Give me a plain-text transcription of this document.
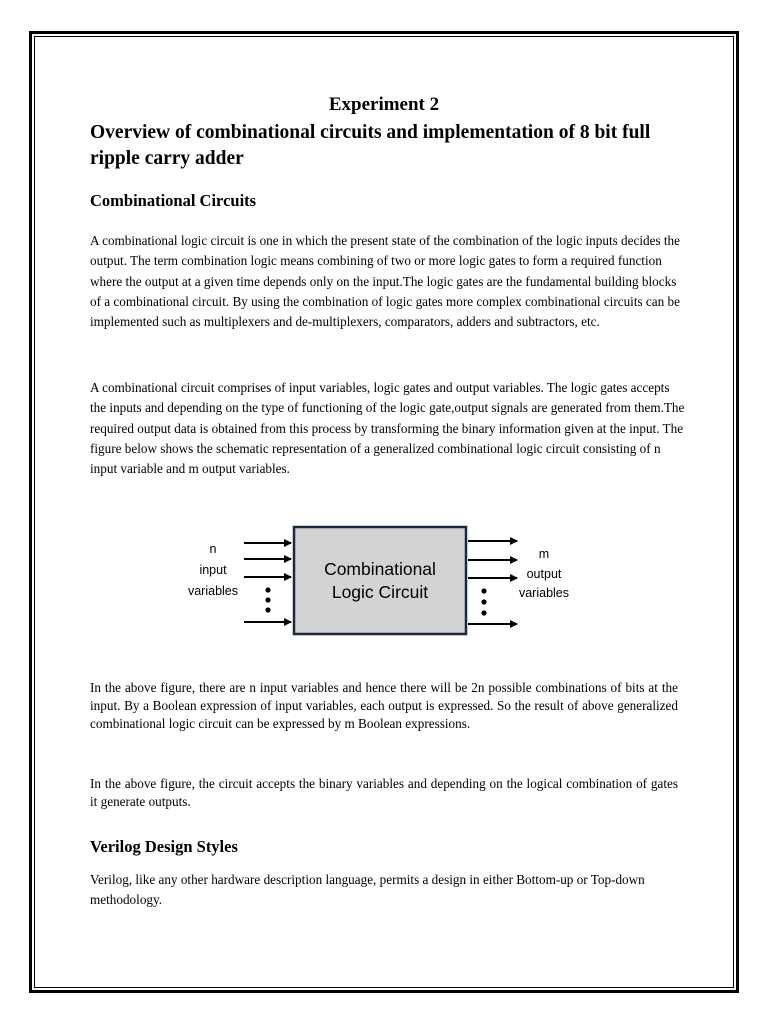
Experiment 2
Overview of combinational circuits and implementation of 8 bit full ripple carry adder
Combinational Circuits

A combinational logic circuit is one in which the present state of the combination of the logic inputs decides the output. The term combination logic means combining of two or more logic gates to form a required function where the output at a given time depends only on the input.The logic gates are the fundamental building blocks of a combinational circuit. By using the combination of logic gates more complex combinational circuits can be implemented such as multiplexers and de-multiplexers, comparators, adders and subtractors, etc.

A combinational circuit comprises of input variables, logic gates and output variables. The logic gates accepts the inputs and depending on the type of functioning of the logic gate,output signals are generated from them.The required output data is obtained from this process by transforming the binary information given at the input. The figure below shows the schematic representation of a generalized combinational logic circuit consisting of n input variable and m output variables.

n
input
variables
Combinational
Logic Circuit
m
output
variables

In the above figure, there are n input variables and hence there will be 2n possible combinations of bits at the input. By a Boolean expression of input variables, each output is expressed. So the result of above generalized combinational logic circuit can be expressed by m Boolean expressions.

In the above figure, the circuit accepts the binary variables and depending on the logical combination of gates it generate outputs.

Verilog Design Styles

Verilog, like any other hardware description language, permits a design in either Bottom-up or Top-down methodology.
